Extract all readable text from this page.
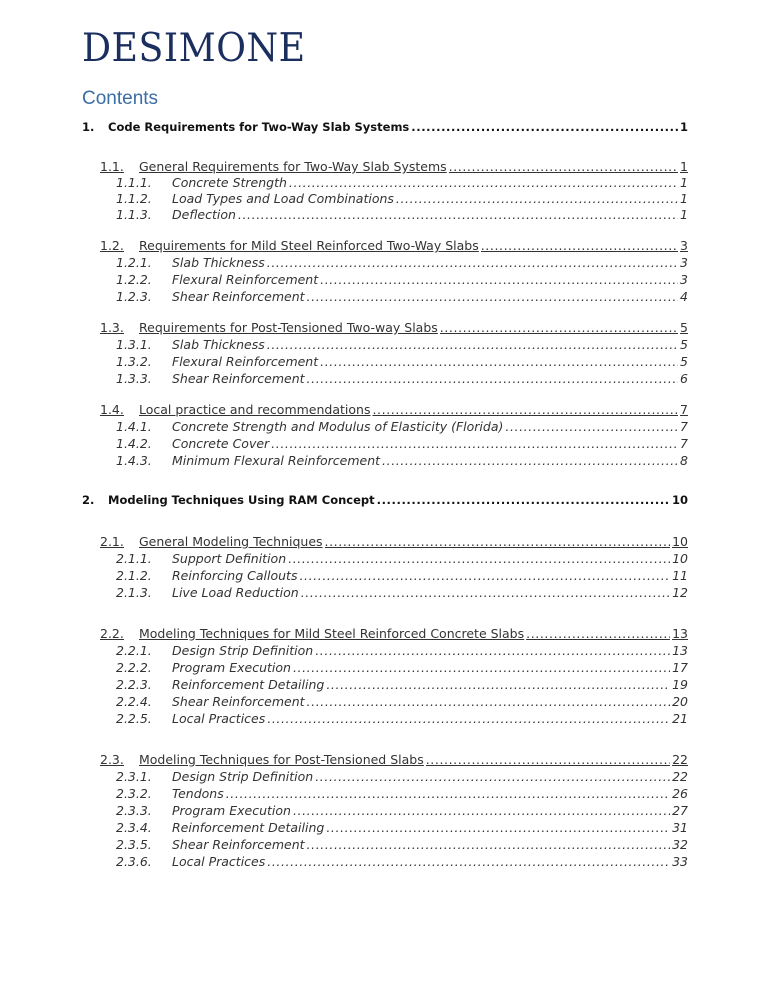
DESIMONE
Contents
1.	Code Requirements for Two-Way Slab Systems .....	1
1.1.	General Requirements for Two-Way Slab Systems .....	1
1.1.1.	Concrete Strength .....	1
1.1.2.	Load Types and Load Combinations .....	1
1.1.3.	Deflection .....	1
1.2.	Requirements for Mild Steel Reinforced Two-Way Slabs .....	3
1.2.1.	Slab Thickness .....	3
1.2.2.	Flexural Reinforcement .....	3
1.2.3.	Shear Reinforcement .....	4
1.3.	Requirements for Post-Tensioned Two-way Slabs .....	5
1.3.1.	Slab Thickness .....	5
1.3.2.	Flexural Reinforcement .....	5
1.3.3.	Shear Reinforcement .....	6
1.4.	Local practice and recommendations .....	7
1.4.1.	Concrete Strength and Modulus of Elasticity (Florida) .....	7
1.4.2.	Concrete Cover .....	7
1.4.3.	Minimum Flexural Reinforcement .....	8
2.	Modeling Techniques Using RAM Concept .....	10
2.1.	General Modeling Techniques .....	10
2.1.1.	Support Definition .....	10
2.1.2.	Reinforcing Callouts .....	11
2.1.3.	Live Load Reduction .....	12
2.2.	Modeling Techniques for Mild Steel Reinforced Concrete Slabs .....	13
2.2.1.	Design Strip Definition .....	13
2.2.2.	Program Execution .....	17
2.2.3.	Reinforcement Detailing .....	19
2.2.4.	Shear Reinforcement .....	20
2.2.5.	Local Practices .....	21
2.3.	Modeling Techniques for Post-Tensioned Slabs .....	22
2.3.1.	Design Strip Definition .....	22
2.3.2.	Tendons .....	26
2.3.3.	Program Execution .....	27
2.3.4.	Reinforcement Detailing .....	31
2.3.5.	Shear Reinforcement .....	32
2.3.6.	Local Practices .....	33
